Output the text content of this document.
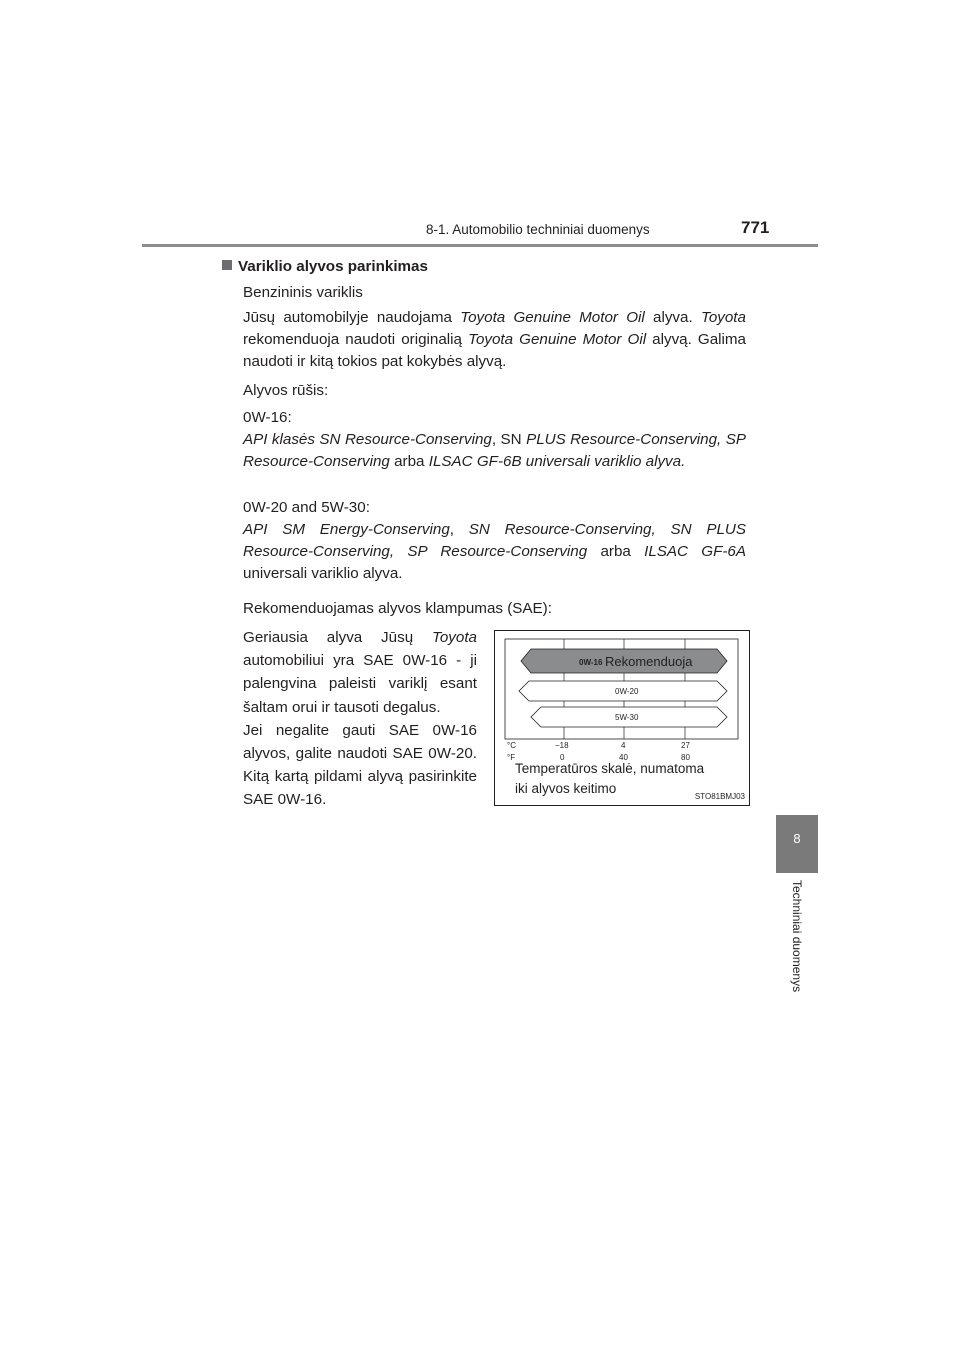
8-1. Automobilio techniniai duomenys	771
8
Techniniai duomenys
Variklio alyvos parinkimas
Benzininis variklis
Jūsų automobilyje naudojama Toyota Genuine Motor Oil alyva. Toyota rekomenduoja naudoti originalią Toyota Genuine Motor Oil alyvą. Galima naudoti ir kitą tokios pat kokybės alyvą.
Alyvos rūšis:
0W-16:
API klasės SN Resource-Conserving, SN PLUS Resource-Conserving, SP Resource-Conserving arba ILSAC GF-6B universali variklio alyva.
0W-20 and 5W-30:
API SM Energy-Conserving, SN Resource-Conserving, SN PLUS Resource-Conserving, SP Resource-Conserving arba ILSAC GF-6A universali variklio alyva.
Rekomenduojamas alyvos klampumas (SAE):
Geriausia alyva Jūsų Toyota automobiliui yra SAE 0W-16 - ji palengvina paleisti variklį esant šaltam orui ir tausoti degalus.
Jei negalite gauti SAE 0W-16 alyvos, galite naudoti SAE 0W-20. Kitą kartą pildami alyvą pasirinkite SAE 0W-16.
0W-16 Rekomenduoja
0W-20
5W-30
°C
°F
−18	4	27
0	40	80
Temperatūros skalė, numatoma
iki alyvos keitimo
STO81BMJ03
